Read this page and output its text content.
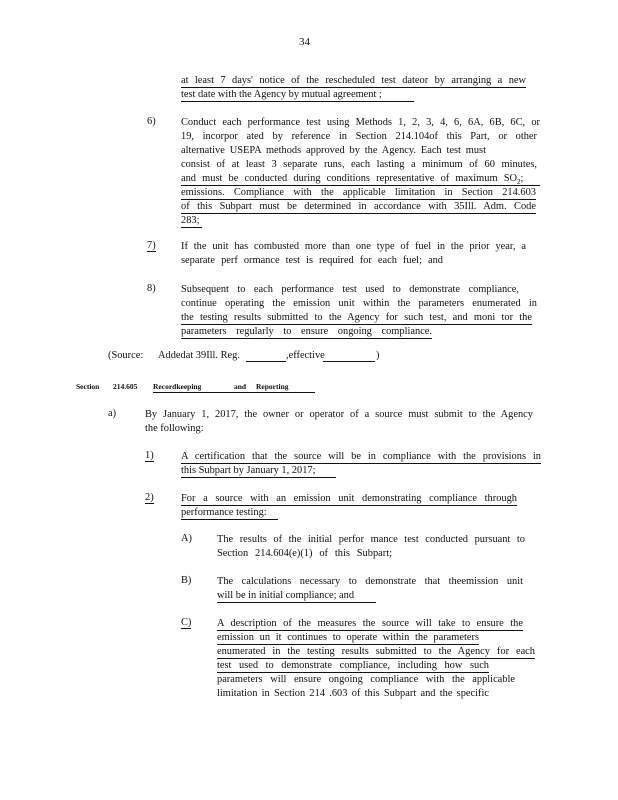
34
at least 7 days' notice of the rescheduled test dateor by arranging a new
test date with the Agency by mutual agreement ;
6) Conduct each performance test using Methods 1, 2, 3, 4, 6, 6A, 6B, 6C, or
19, incorpor ated by reference in Section 214.104of this Part, or other
alternative USEPA methods approved by the Agency. Each test must
consist of at least 3 separate runs, each lasting a minimum of 60 minutes,
and must be conducted during conditions representative of maximum $SO_2$;
emissions. Compliance with the applicable limitation in Section 214.603
of this Subpart must be determined in accordance with 35Ill. Adm. Code
283;
7) If the unit has combusted more than one type of fuel in the prior year, a
separate perf ormance test is required for each fuel; and
8) Subsequent to each performance test used to demonstrate compliance,
continue operating the emission unit within the parameters enumerated in
the testing results submitted to the Agency for such test, and moni tor the
parameters regularly to ensure ongoing compliance.
(Source: Addedat 39Ill. Reg.	,effective	)
Section 214.605 Recordkeeping	and Reporting
a)	By January 1, 2017, the owner or operator of a source must submit to the Agency
the following:
1)	A certification that the source will be in compliance with the provisions in
this Subpart by January 1, 2017;
2)	For a source with an emission unit demonstrating compliance through
performance testing:
A) The results of the initial perfor mance test conducted pursuant to
Section 214.604(e)(1) of this Subpart;
B) The calculations necessary to demonstrate that theemission unit
will be in initial compliance; and
C) A description of the measures the source will take to ensure the
emission un it continues to operate within the parameters
enumerated in the testing results submitted to the Agency for each
test used to demonstrate compliance, including how such
parameters will ensure ongoing compliance with the applicable
limitation in Section 214 .603 of this Subpart and the specific
